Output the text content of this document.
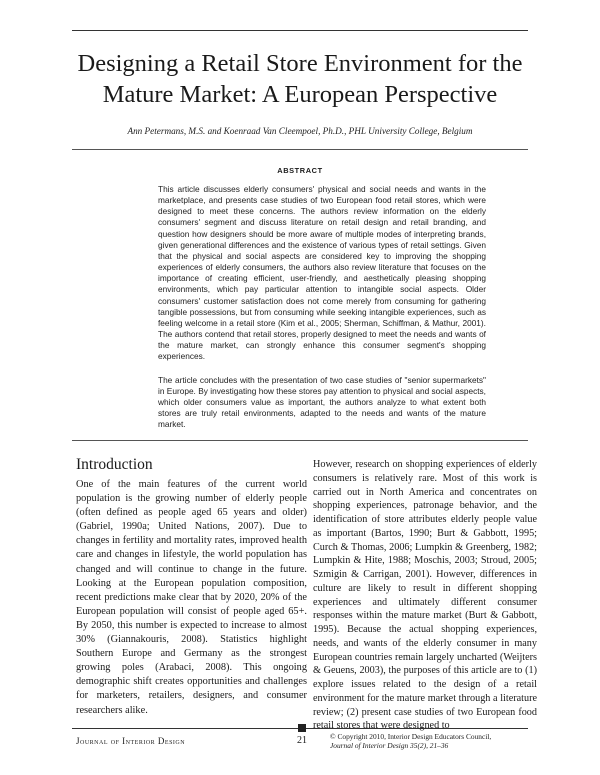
Designing a Retail Store Environment for the
Mature Market: A European Perspective
Ann Petermans, M.S. and Koenraad Van Cleempoel, Ph.D., PHL University College, Belgium
ABSTRACT

This article discusses elderly consumers' physical and social needs and wants in the marketplace, and presents case studies of two European food retail stores, which were designed to meet these concerns. The authors review information on the elderly consumers' segment and discuss literature on retail design and retail branding, and question how designers should be more aware of multiple modes of interpreting brands, given generational differences and the existence of various types of retail settings. Given that the physical and social aspects are considered key to improving the shopping experiences of elderly consumers, the authors also review literature that focuses on the importance of creating efficient, user-friendly, and aesthetically pleasing shopping environments, which pay particular attention to intangible social aspects. Older consumers' customer satisfaction does not come merely from consuming for gathering tangible possessions, but from consuming while seeking intangible experiences, such as feeling welcome in a retail store (Kim et al., 2005; Sherman, Schiffman, & Mathur, 2001). The authors contend that retail stores, properly designed to meet the needs and wants of the mature market, can strongly enhance this consumer segment's shopping experiences.

The article concludes with the presentation of two case studies of "senior supermarkets" in Europe. By investigating how these stores pay attention to physical and social aspects, which older consumers value as important, the authors analyze to what extent both stores are truly retail environments, adapted to the needs and wants of the mature market.

Introduction

One of the main features of the current world population is the growing number of elderly people (often defined as people aged 65 years and older) (Gabriel, 1990a; United Nations, 2007). Due to changes in fertility and mortality rates, improved health care and changes in lifestyle, the world population has changed and will continue to change in the future. Looking at the European population composition, recent predictions make clear that by 2020, 20% of the European population will consist of people aged 65+. By 2050, this number is expected to increase to almost 30% (Giannakouris, 2008). Statistics highlight Southern Europe and Germany as the strongest growing poles (Arabaci, 2008). This ongoing demographic shift creates opportunities and challenges for marketers, retailers, designers, and consumer researchers alike.

However, research on shopping experiences of elderly consumers is relatively rare. Most of this work is carried out in North America and concentrates on shopping experiences, patronage behavior, and the identification of store attributes elderly people value as important (Bartos, 1990; Burt & Gabbott, 1995; Curch & Thomas, 2006; Lumpkin & Greenberg, 1982; Lumpkin & Hite, 1988; Moschis, 2003; Stroud, 2005; Szmigin & Carrigan, 2001). However, differences in culture are likely to result in different shopping experiences and ultimately different consumer responses within the mature market (Burt & Gabbott, 1995). Because the actual shopping experiences, needs, and wants of the elderly consumer in many European countries remain largely uncharted (Weijters & Geuens, 2003), the purposes of this article are to (1) explore issues related to the design of a retail environment for the mature market through a literature review; (2) present case studies of two European food retail stores that were designed to

Journal of Interior Design	21	© Copyright 2010, Interior Design Educators Council,
Journal of Interior Design 35(2), 21–36
